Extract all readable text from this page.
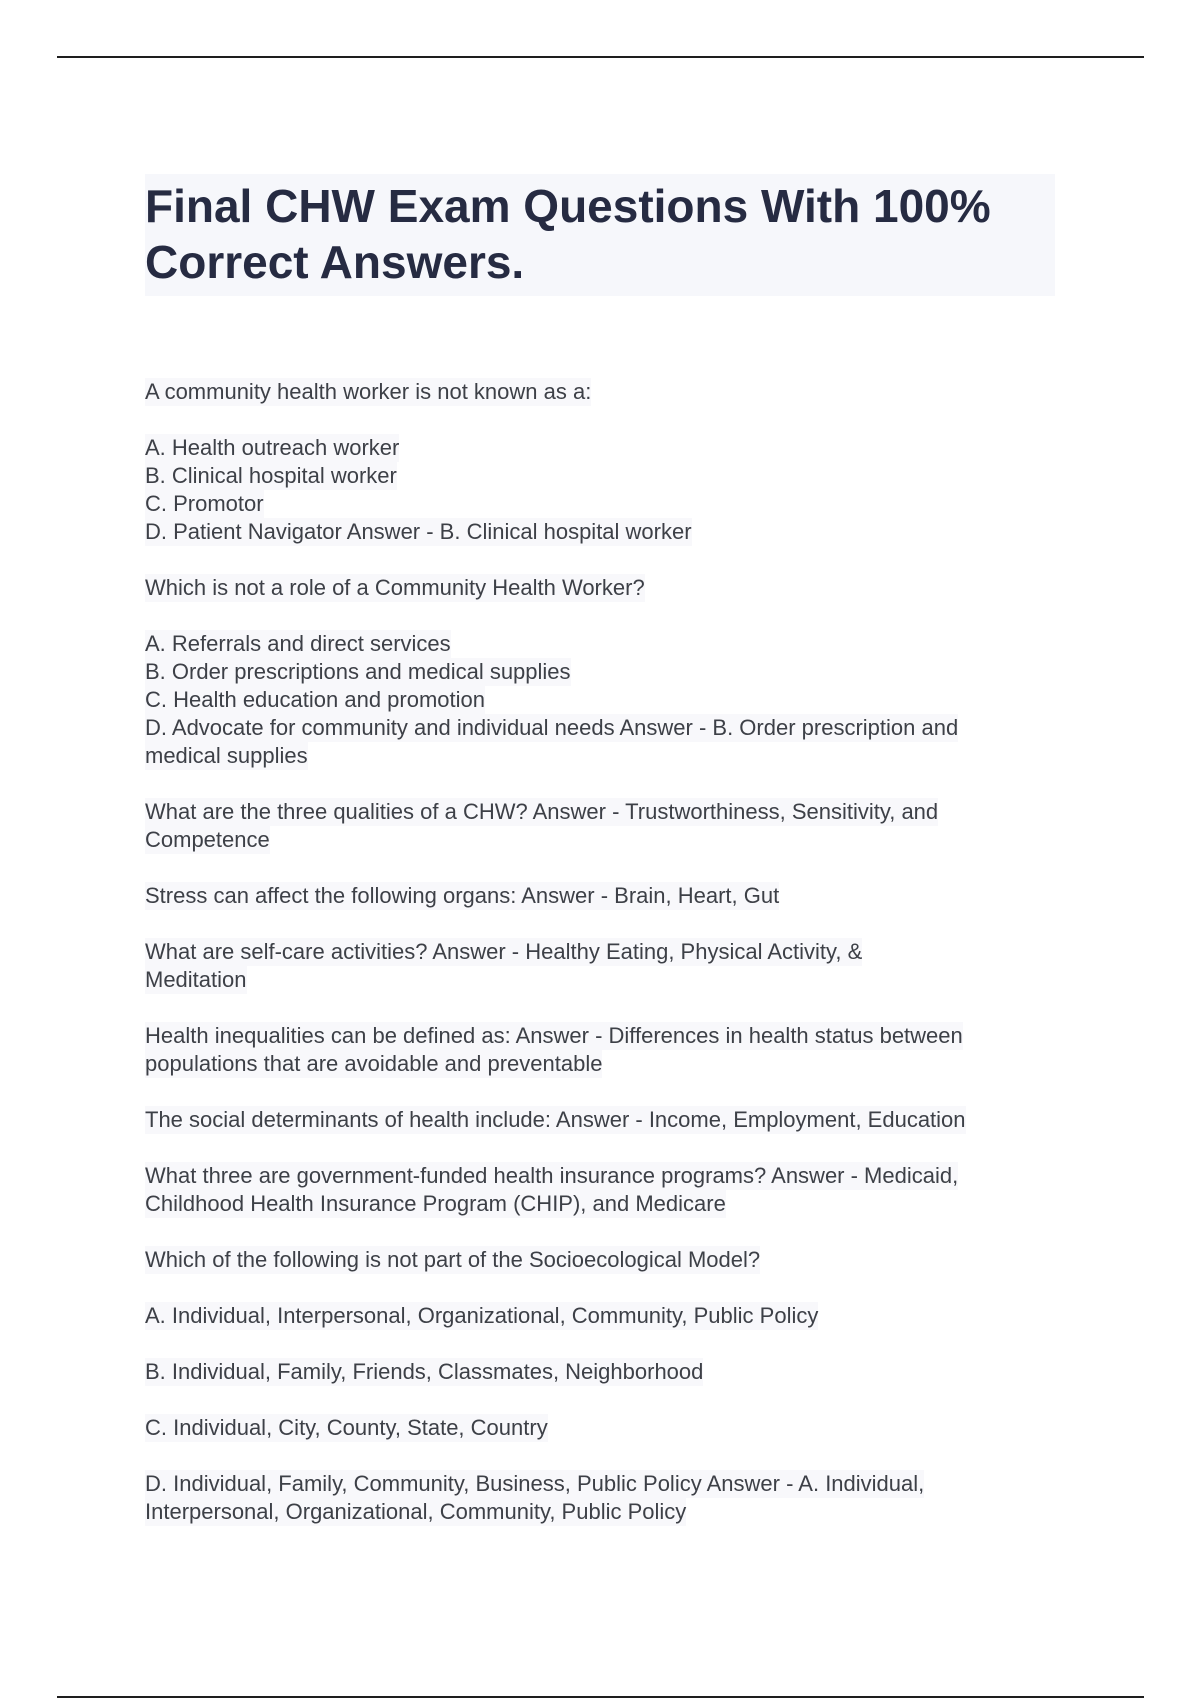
Final CHW Exam Questions With 100% Correct Answers.
A community health worker is not known as a:
A. Health outreach worker
B. Clinical hospital worker
C. Promotor
D. Patient Navigator Answer - B. Clinical hospital worker
Which is not a role of a Community Health Worker?
A. Referrals and direct services
B. Order prescriptions and medical supplies
C. Health education and promotion
D. Advocate for community and individual needs Answer - B. Order prescription and
medical supplies
What are the three qualities of a CHW? Answer - Trustworthiness, Sensitivity, and
Competence
Stress can affect the following organs: Answer - Brain, Heart, Gut
What are self-care activities? Answer - Healthy Eating, Physical Activity, &
Meditation
Health inequalities can be defined as: Answer - Differences in health status between
populations that are avoidable and preventable
The social determinants of health include: Answer - Income, Employment, Education
What three are government-funded health insurance programs? Answer - Medicaid,
Childhood Health Insurance Program (CHIP), and Medicare
Which of the following is not part of the Socioecological Model?
A. Individual, Interpersonal, Organizational, Community, Public Policy
B. Individual, Family, Friends, Classmates, Neighborhood
C. Individual, City, County, State, Country
D. Individual, Family, Community, Business, Public Policy Answer - A. Individual,
Interpersonal, Organizational, Community, Public Policy
